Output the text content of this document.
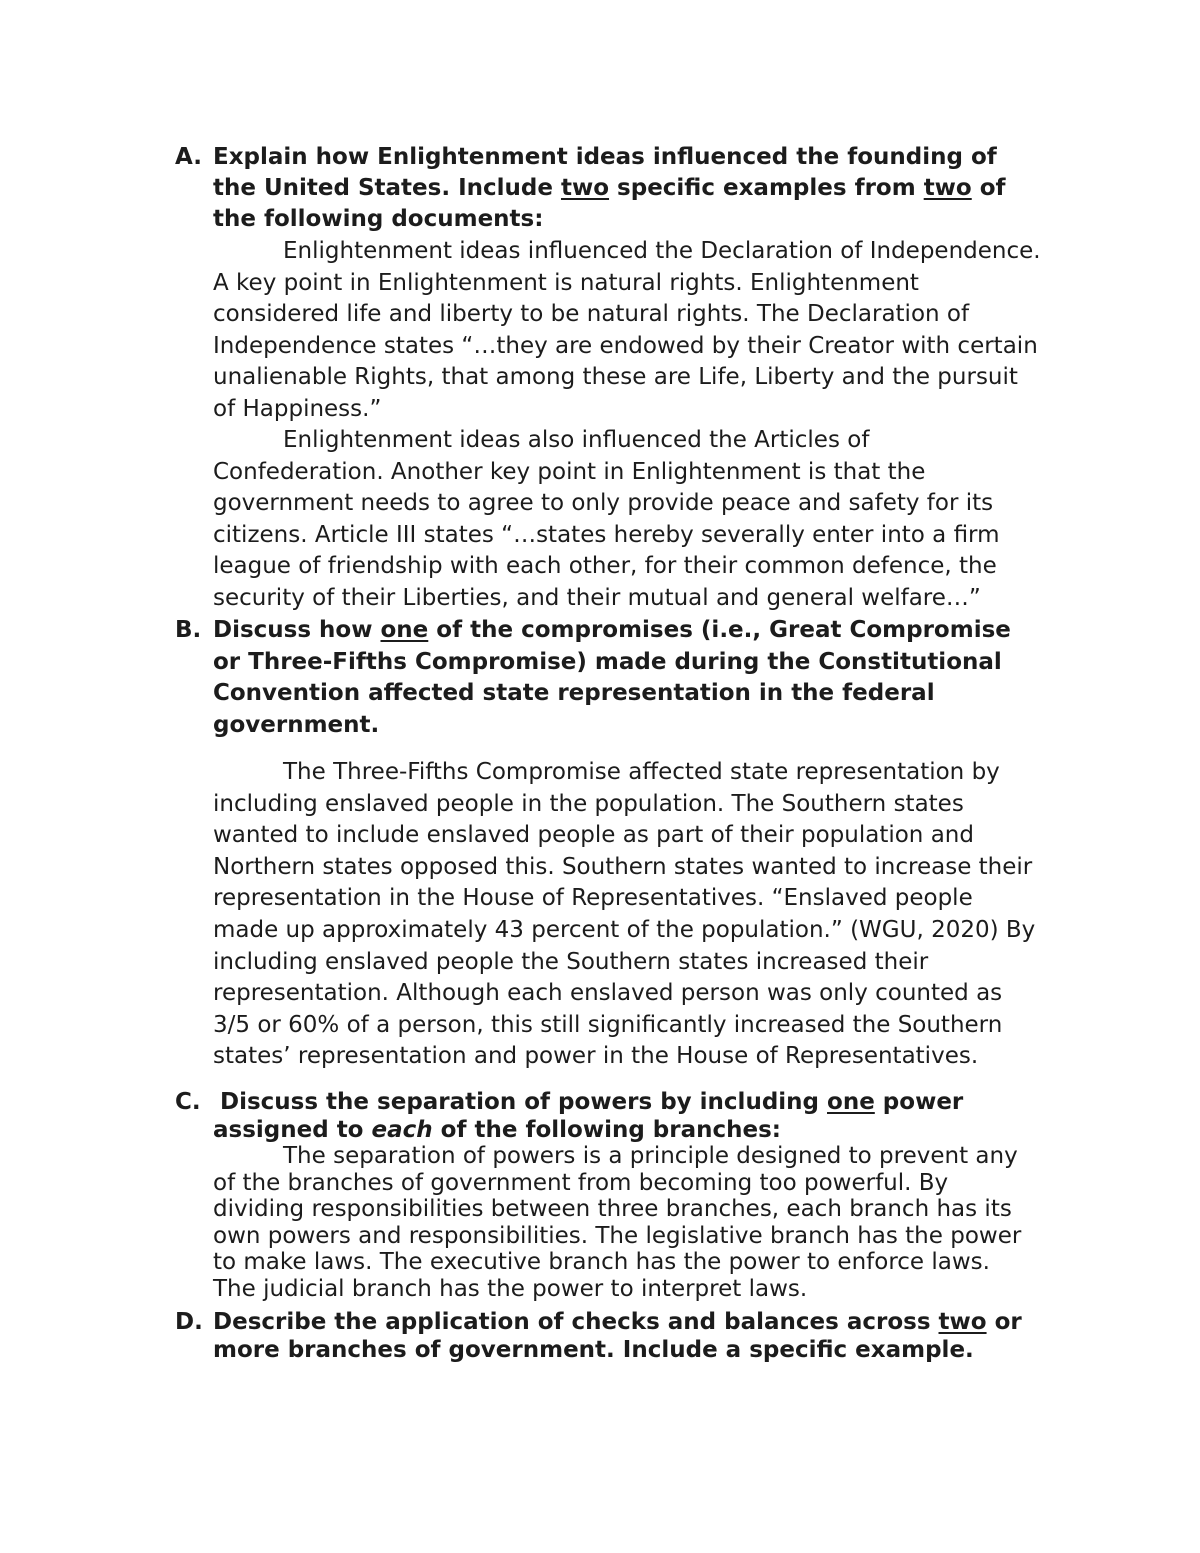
A. Explain how Enlightenment ideas influenced the founding of
the United States. Include two specific examples from two of
the following documents:
Enlightenment ideas influenced the Declaration of Independence.
A key point in Enlightenment is natural rights. Enlightenment
considered life and liberty to be natural rights. The Declaration of
Independence states “…they are endowed by their Creator with certain
unalienable Rights, that among these are Life, Liberty and the pursuit
of Happiness.”
Enlightenment ideas also influenced the Articles of
Confederation. Another key point in Enlightenment is that the
government needs to agree to only provide peace and safety for its
citizens. Article III states “…states hereby severally enter into a firm
league of friendship with each other, for their common defence, the
security of their Liberties, and their mutual and general welfare…”
B. Discuss how one of the compromises (i.e., Great Compromise
or Three-Fifths Compromise) made during the Constitutional
Convention affected state representation in the federal
government.
The Three-Fifths Compromise affected state representation by
including enslaved people in the population. The Southern states
wanted to include enslaved people as part of their population and
Northern states opposed this. Southern states wanted to increase their
representation in the House of Representatives. “Enslaved people
made up approximately 43 percent of the population.” (WGU, 2020) By
including enslaved people the Southern states increased their
representation. Although each enslaved person was only counted as
3/5 or 60% of a person, this still significantly increased the Southern
states’ representation and power in the House of Representatives.
C. Discuss the separation of powers by including one power
assigned to each of the following branches:
The separation of powers is a principle designed to prevent any
of the branches of government from becoming too powerful. By
dividing responsibilities between three branches, each branch has its
own powers and responsibilities. The legislative branch has the power
to make laws. The executive branch has the power to enforce laws.
The judicial branch has the power to interpret laws.
D. Describe the application of checks and balances across two or
more branches of government. Include a specific example.
